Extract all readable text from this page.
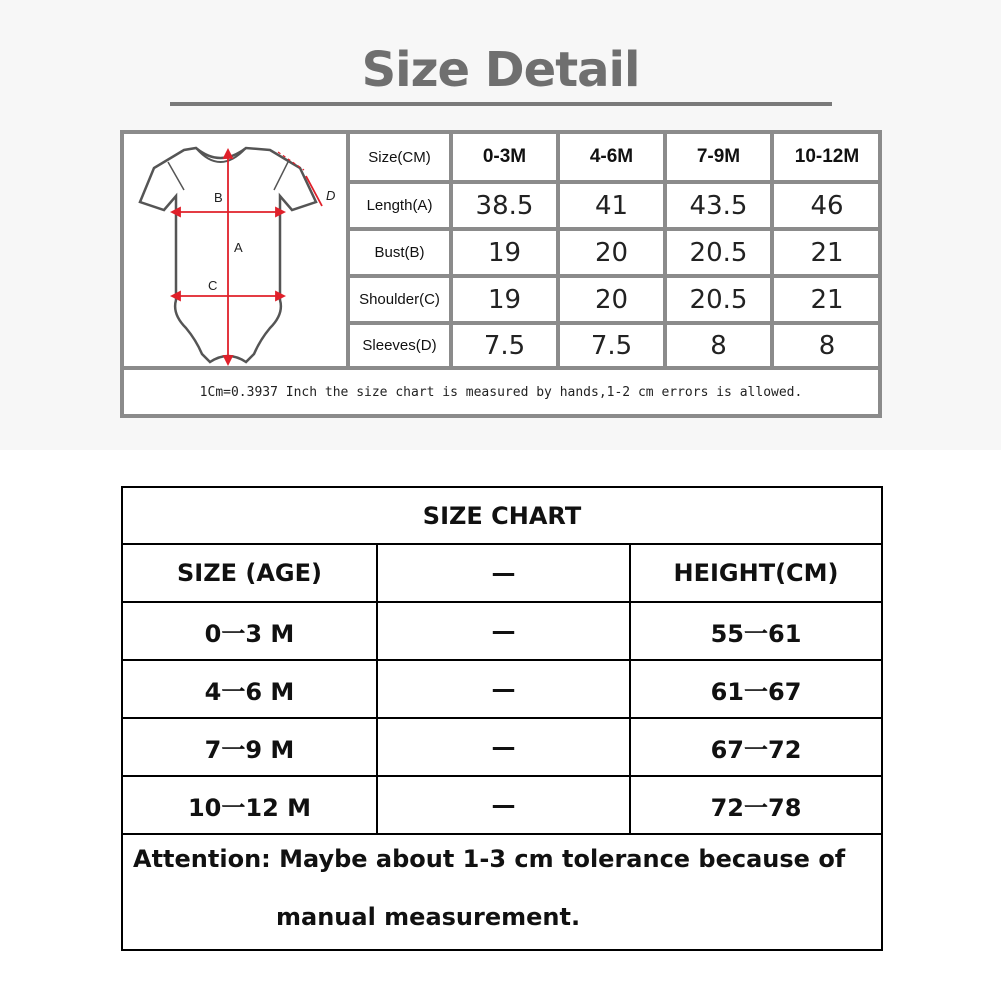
Size Detail
B
A
C
D
Size(CM)	0-3M	4-6M	7-9M	10-12M
Length(A)	38.5	41	43.5	46
Bust(B)	19	20	20.5	21
Shoulder(C)	19	20	20.5	21
Sleeves(D)	7.5	7.5	8	8
1Cm=0.3937 Inch the size chart is measured by hands,1-2 cm errors is allowed.
SIZE CHART
SIZE (AGE)	—	HEIGHT(CM)
0一3 M	—	55一61
4一6 M	—	61一67
7一9 M	—	67一72
10一12 M	—	72一78
Attention: Maybe about 1-3 cm tolerance because of
manual measurement.
